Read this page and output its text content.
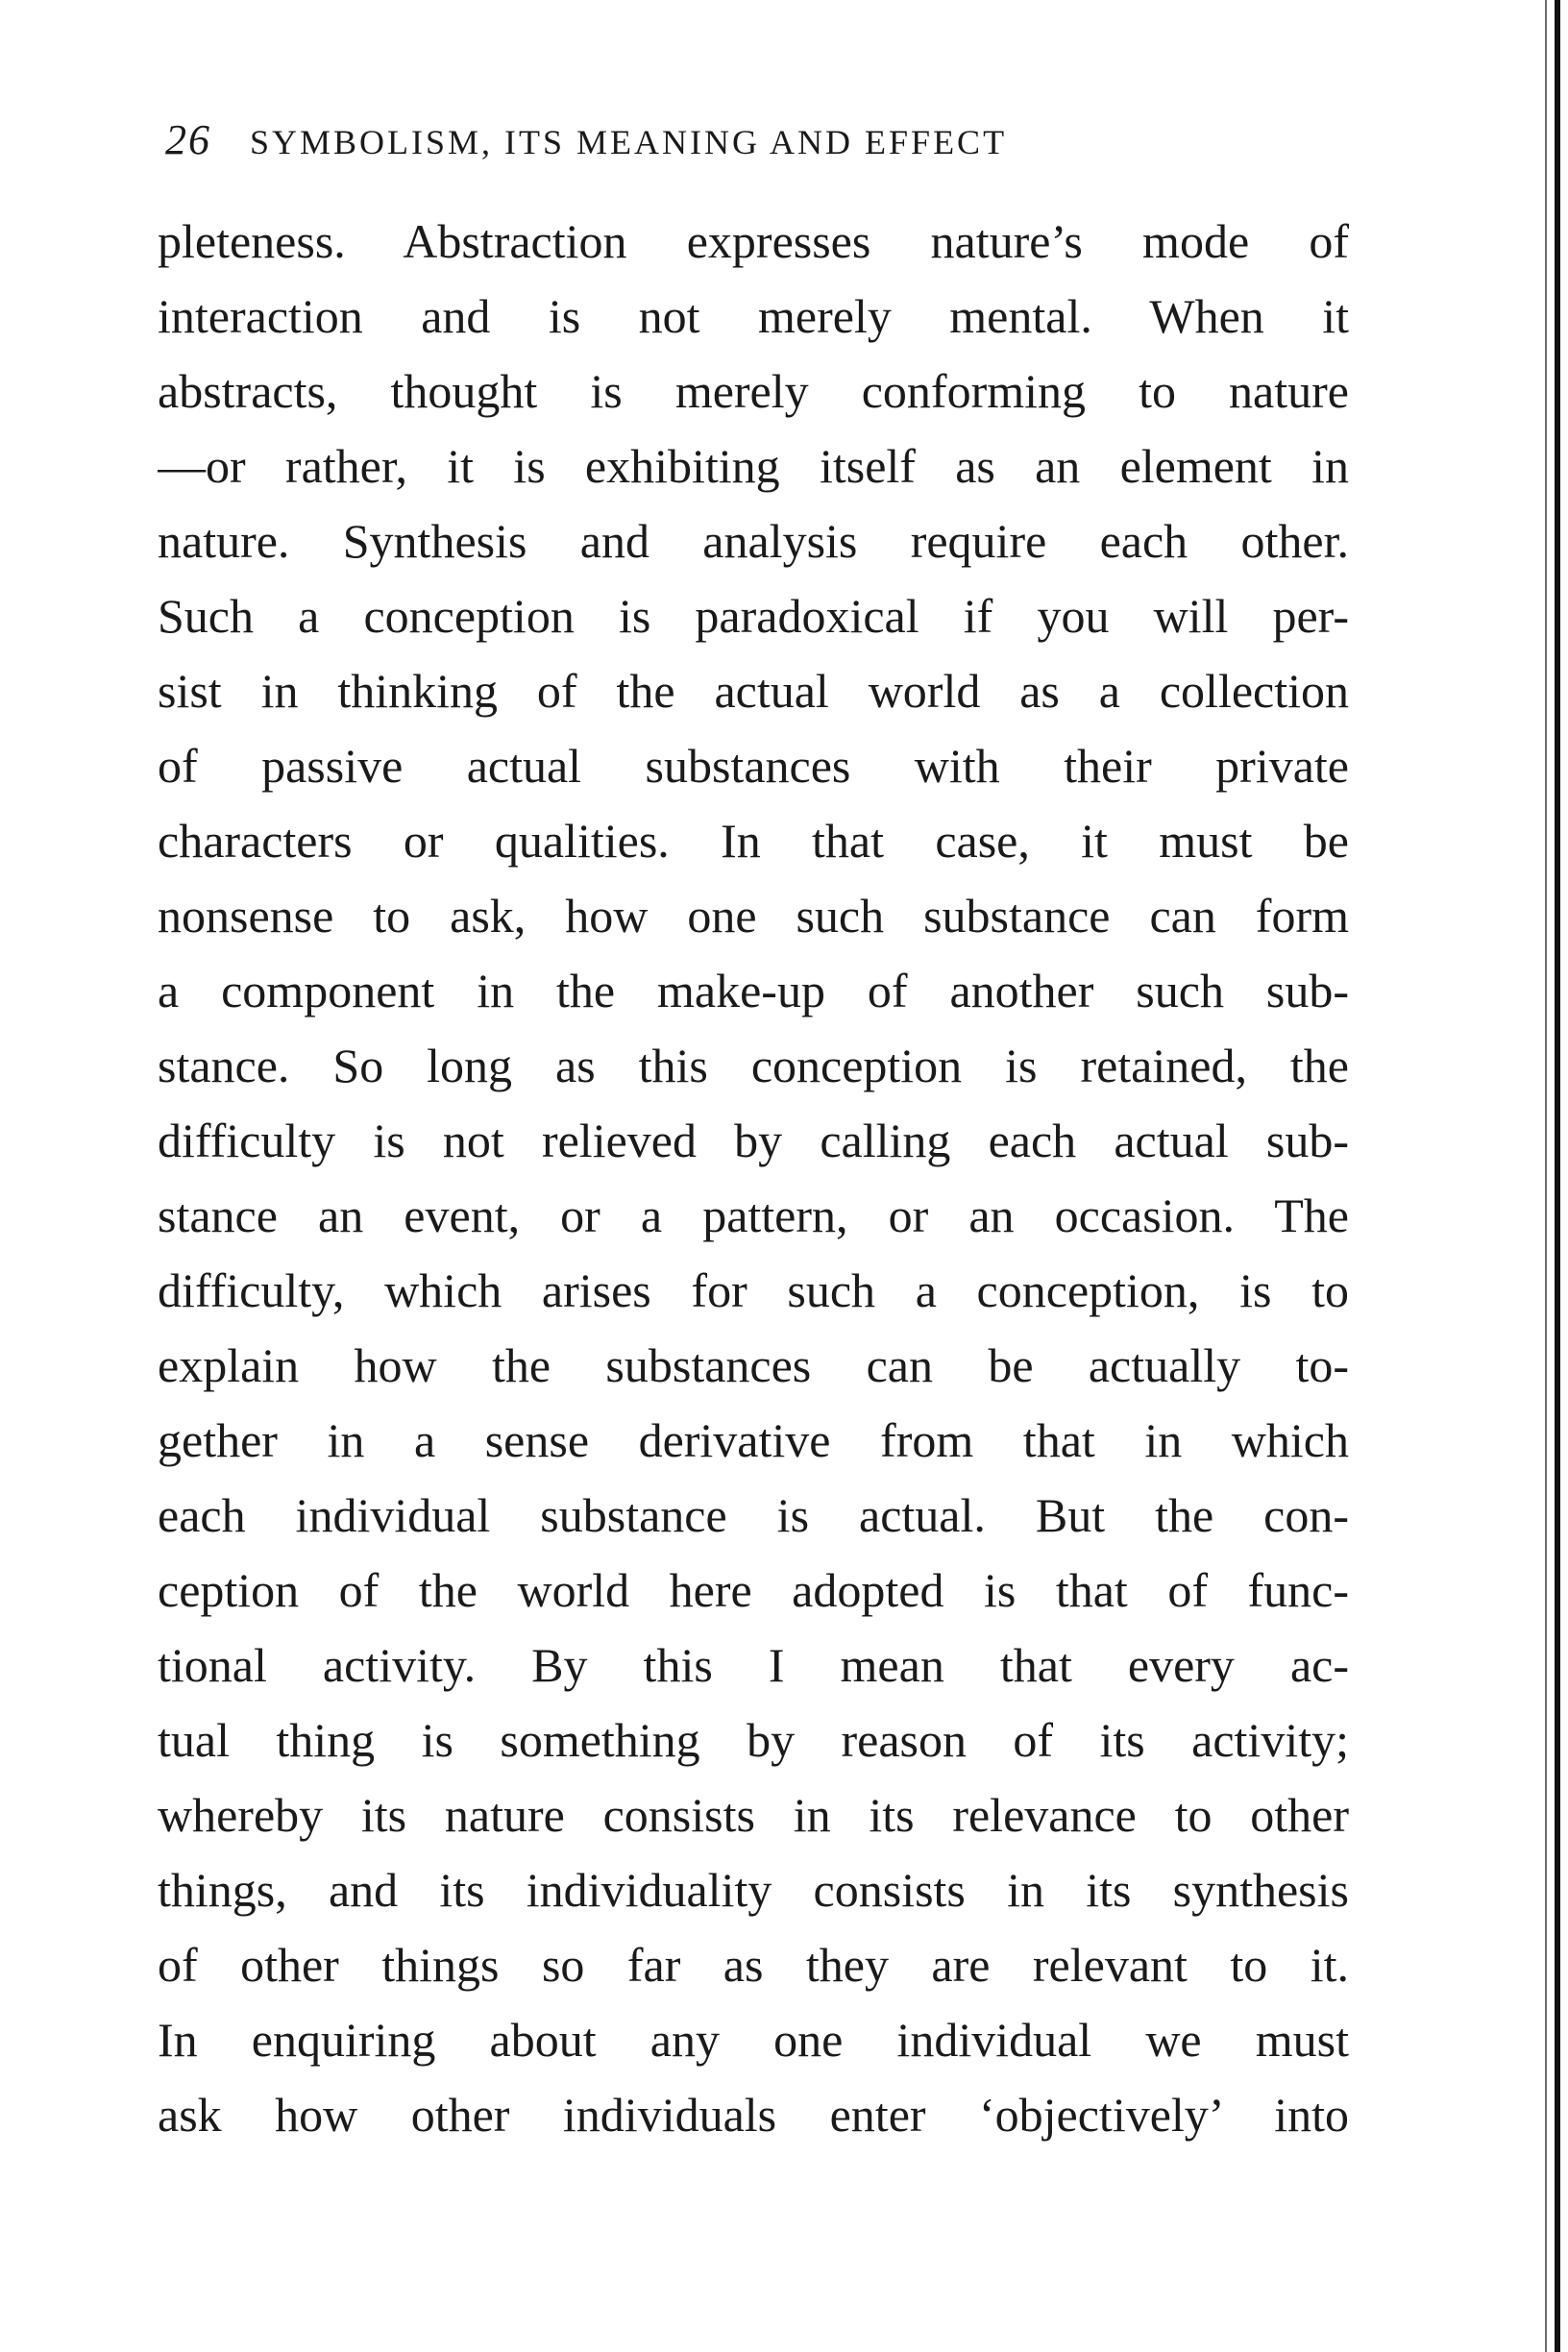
26 SYMBOLISM, ITS MEANING AND EFFECT
pleteness. Abstraction expresses nature’s mode of
interaction and is not merely mental. When it
abstracts, thought is merely conforming to nature
—or rather, it is exhibiting itself as an element in
nature. Synthesis and analysis require each other.
Such a conception is paradoxical if you will per-
sist in thinking of the actual world as a collection
of passive actual substances with their private
characters or qualities. In that case, it must be
nonsense to ask, how one such substance can form
a component in the make-up of another such sub-
stance. So long as this conception is retained, the
difficulty is not relieved by calling each actual sub-
stance an event, or a pattern, or an occasion. The
difficulty, which arises for such a conception, is to
explain how the substances can be actually to-
gether in a sense derivative from that in which
each individual substance is actual. But the con-
ception of the world here adopted is that of func-
tional activity. By this I mean that every ac-
tual thing is something by reason of its activity;
whereby its nature consists in its relevance to other
things, and its individuality consists in its synthesis
of other things so far as they are relevant to it.
In enquiring about any one individual we must
ask how other individuals enter ‘objectively’ into
